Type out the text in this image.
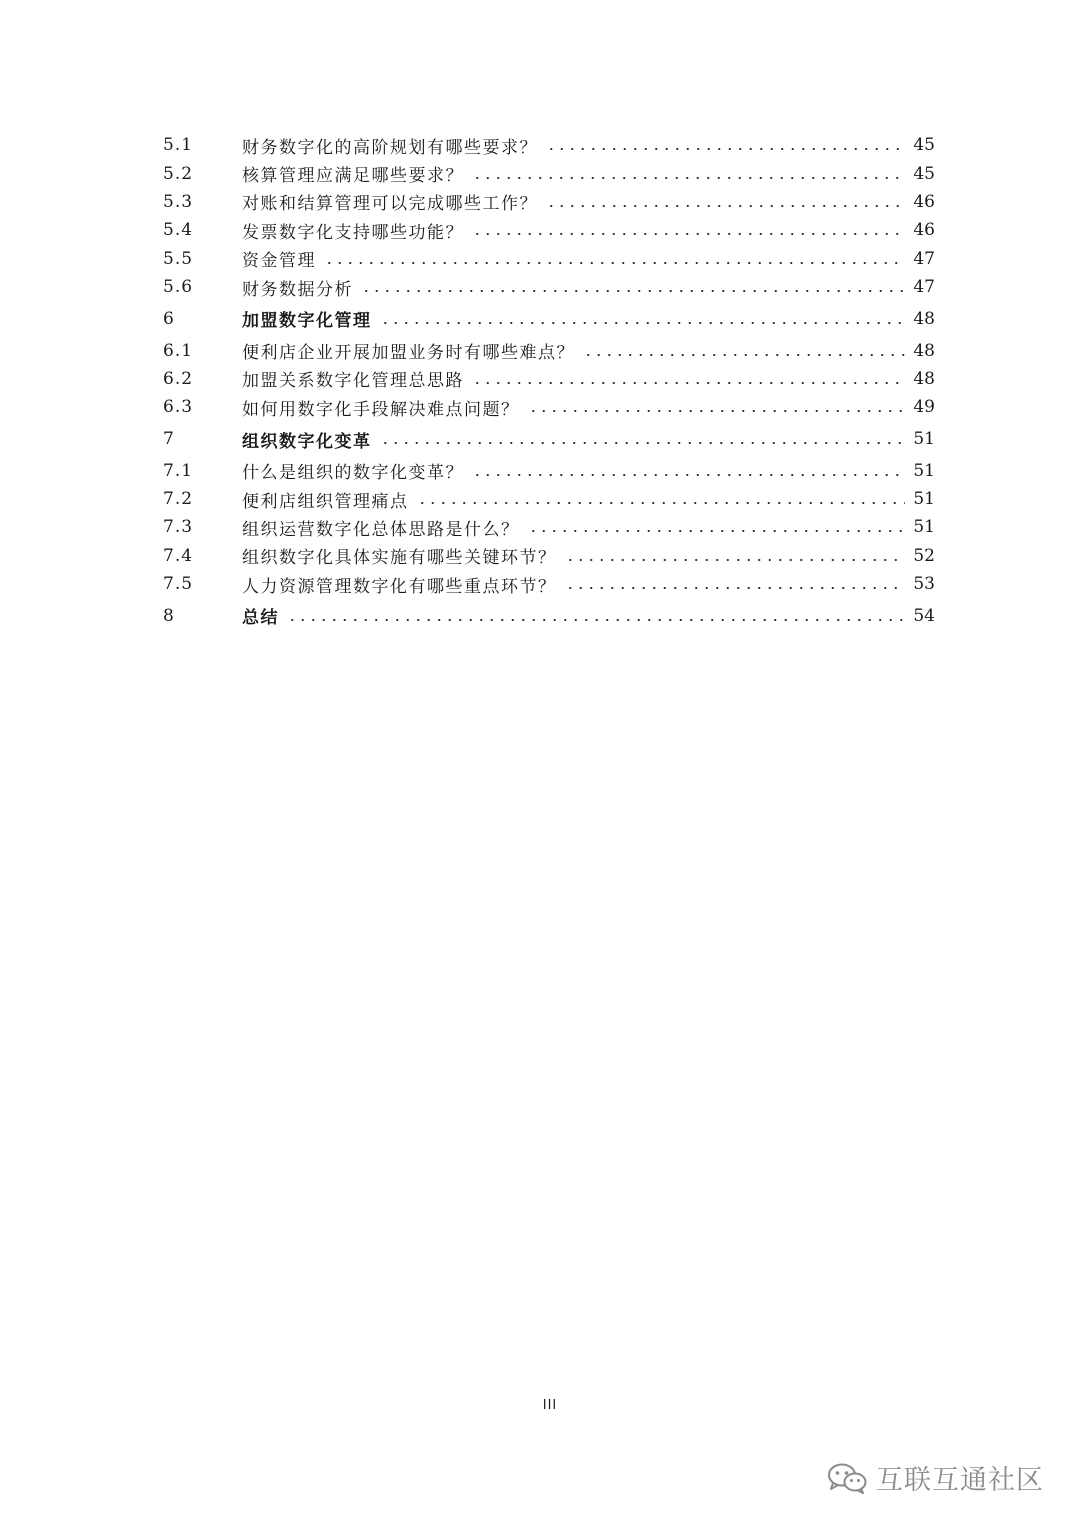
5.1	财务数字化的高阶规划有哪些要求？	45
5.2	核算管理应满足哪些要求？	45
5.3	对账和结算管理可以完成哪些工作？	46
5.4	发票数字化支持哪些功能？	46
5.5	资金管理	47
5.6	财务数据分析	47
6	加盟数字化管理	48
6.1	便利店企业开展加盟业务时有哪些难点？	48
6.2	加盟关系数字化管理总思路	48
6.3	如何用数字化手段解决难点问题？	49
7	组织数字化变革	51
7.1	什么是组织的数字化变革？	51
7.2	便利店组织管理痛点	51
7.3	组织运营数字化总体思路是什么？	51
7.4	组织数字化具体实施有哪些关键环节？	52
7.5	人力资源管理数字化有哪些重点环节？	53
8	总结	54
III
互联互通社区
